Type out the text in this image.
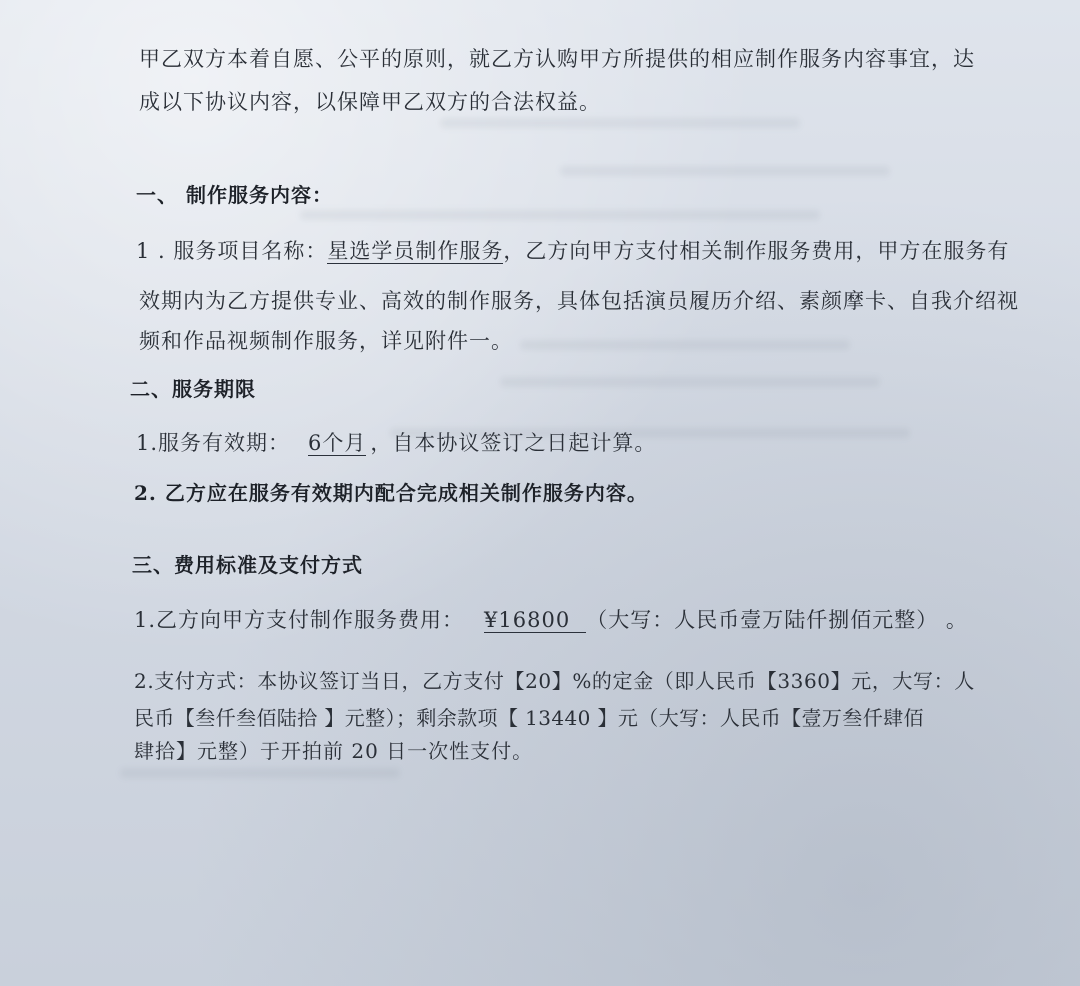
甲乙双方本着自愿、公平的原则，就乙方认购甲方所提供的相应制作服务内容事宜，达
成以下协议内容，以保障甲乙双方的合法权益。
一、 制作服务内容：
1 . 服务项目名称：星选学员制作服务，乙方向甲方支付相关制作服务费用，甲方在服务有
效期内为乙方提供专业、高效的制作服务，具体包括演员履历介绍、素颜摩卡、自我介绍视
频和作品视频制作服务，详见附件一。
二、服务期限
1.服务有效期： 6个月 ，自本协议签订之日起计算。
2. 乙方应在服务有效期内配合完成相关制作服务内容。
三、费用标准及支付方式
1.乙方向甲方支付制作服务费用： ¥16800 （大写：人民币壹万陆仟捌佰元整） 。
2.支付方式：本协议签订当日，乙方支付【20】%的定金（即人民币【3360】元，大写：人
民币【叁仟叁佰陆拾 】元整）；剩余款项【 13440 】元（大写：人民币【壹万叁仟肆佰
肆拾】元整）于开拍前 20 日一次性支付。
